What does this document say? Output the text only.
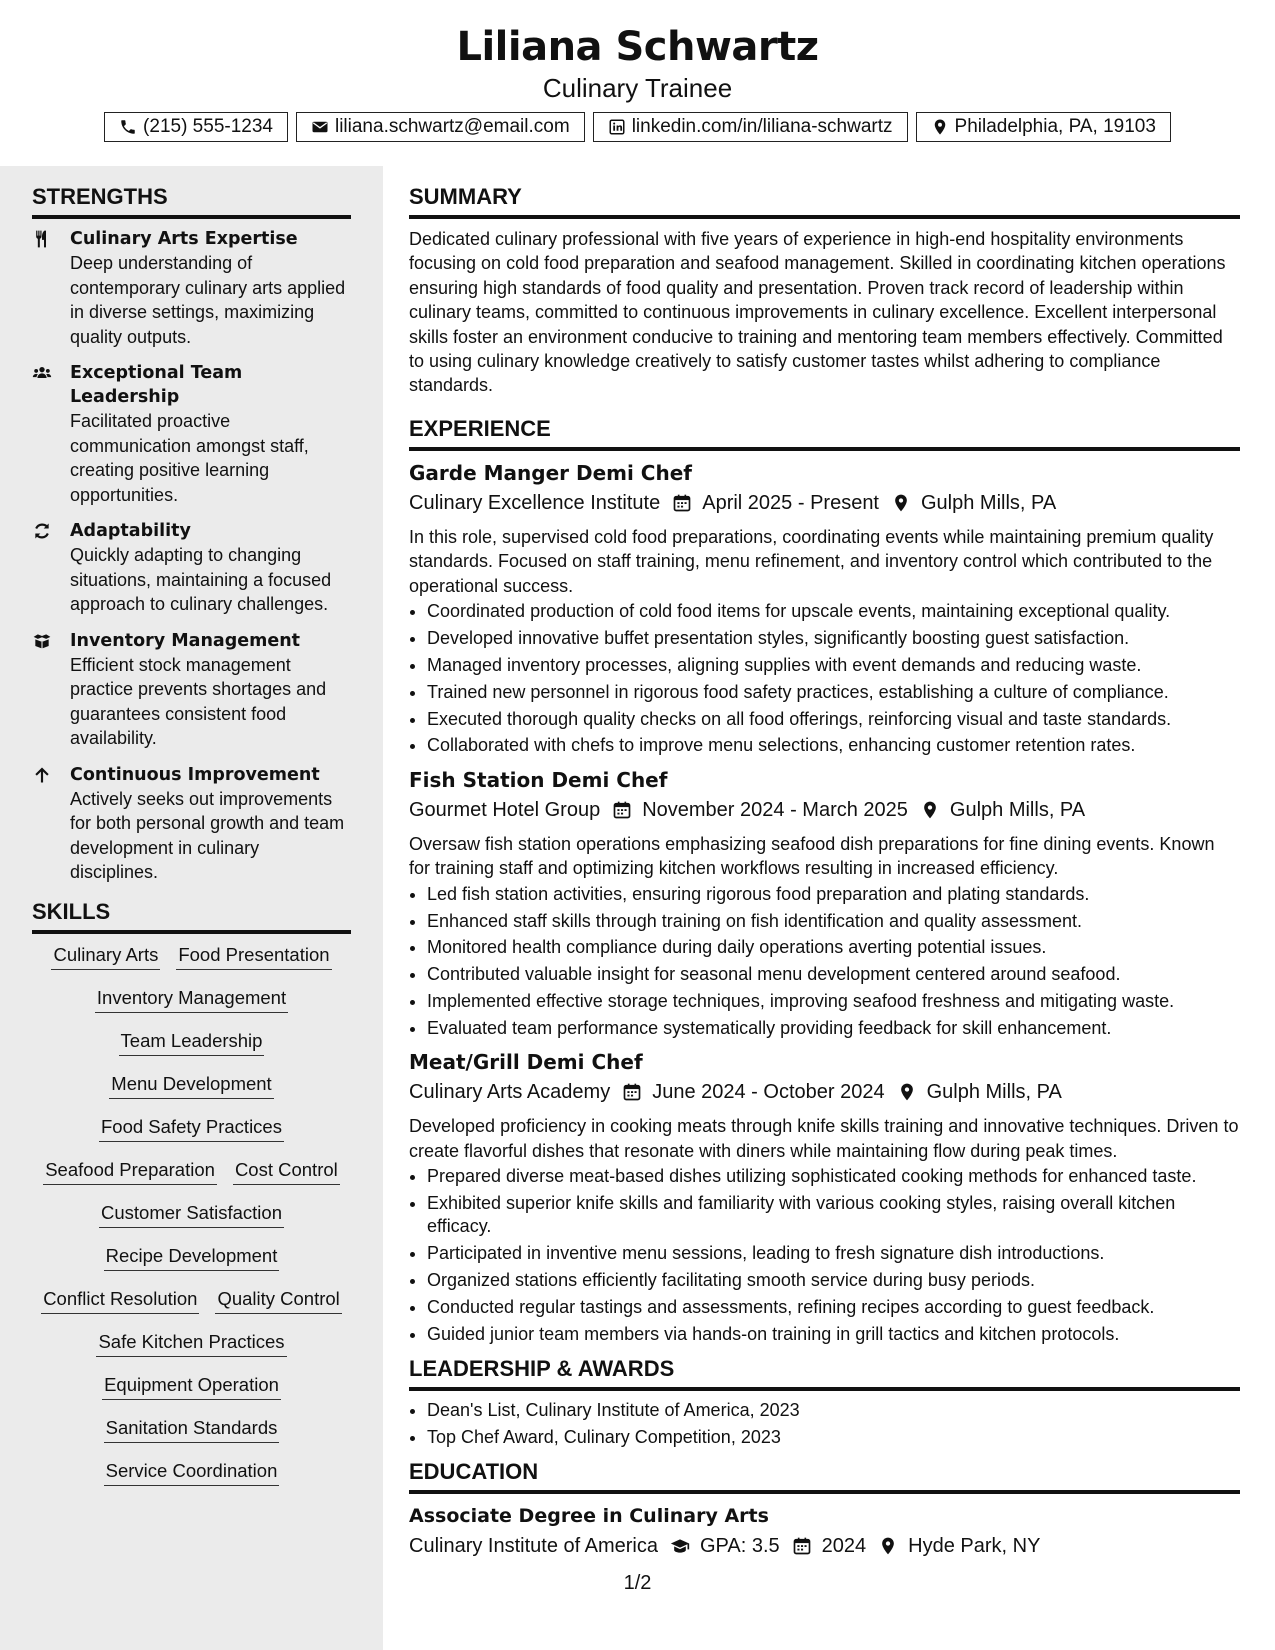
Liliana Schwartz
Culinary Trainee
(215) 555-1234	liliana.schwartz@email.com	linkedin.com/in/liliana-schwartz	Philadelphia, PA, 19103
STRENGTHS
Culinary Arts Expertise
Deep understanding of contemporary culinary arts applied in diverse settings, maximizing quality outputs.
Exceptional Team Leadership
Facilitated proactive communication amongst staff, creating positive learning opportunities.
Adaptability
Quickly adapting to changing situations, maintaining a focused approach to culinary challenges.
Inventory Management
Efficient stock management practice prevents shortages and guarantees consistent food availability.
Continuous Improvement
Actively seeks out improvements for both personal growth and team development in culinary disciplines.
SKILLS
Culinary Arts Food Presentation
Inventory Management
Team Leadership
Menu Development
Food Safety Practices
Seafood Preparation Cost Control
Customer Satisfaction
Recipe Development
Conflict Resolution Quality Control
Safe Kitchen Practices
Equipment Operation
Sanitation Standards
Service Coordination
SUMMARY
Dedicated culinary professional with five years of experience in high-end hospitality environments focusing on cold food preparation and seafood management. Skilled in coordinating kitchen operations ensuring high standards of food quality and presentation. Proven track record of leadership within culinary teams, committed to continuous improvements in culinary excellence. Excellent interpersonal skills foster an environment conducive to training and mentoring team members effectively. Committed to using culinary knowledge creatively to satisfy customer tastes whilst adhering to compliance standards.
EXPERIENCE
Garde Manger Demi Chef
Culinary Excellence Institute April 2025 - Present Gulph Mills, PA
In this role, supervised cold food preparations, coordinating events while maintaining premium quality standards. Focused on staff training, menu refinement, and inventory control which contributed to the operational success.
• Coordinated production of cold food items for upscale events, maintaining exceptional quality.
• Developed innovative buffet presentation styles, significantly boosting guest satisfaction.
• Managed inventory processes, aligning supplies with event demands and reducing waste.
• Trained new personnel in rigorous food safety practices, establishing a culture of compliance.
• Executed thorough quality checks on all food offerings, reinforcing visual and taste standards.
• Collaborated with chefs to improve menu selections, enhancing customer retention rates.
Fish Station Demi Chef
Gourmet Hotel Group November 2024 - March 2025 Gulph Mills, PA
Oversaw fish station operations emphasizing seafood dish preparations for fine dining events. Known for training staff and optimizing kitchen workflows resulting in increased efficiency.
• Led fish station activities, ensuring rigorous food preparation and plating standards.
• Enhanced staff skills through training on fish identification and quality assessment.
• Monitored health compliance during daily operations averting potential issues.
• Contributed valuable insight for seasonal menu development centered around seafood.
• Implemented effective storage techniques, improving seafood freshness and mitigating waste.
• Evaluated team performance systematically providing feedback for skill enhancement.
Meat/Grill Demi Chef
Culinary Arts Academy June 2024 - October 2024 Gulph Mills, PA
Developed proficiency in cooking meats through knife skills training and innovative techniques. Driven to create flavorful dishes that resonate with diners while maintaining flow during peak times.
• Prepared diverse meat-based dishes utilizing sophisticated cooking methods for enhanced taste.
• Exhibited superior knife skills and familiarity with various cooking styles, raising overall kitchen efficacy.
• Participated in inventive menu sessions, leading to fresh signature dish introductions.
• Organized stations efficiently facilitating smooth service during busy periods.
• Conducted regular tastings and assessments, refining recipes according to guest feedback.
• Guided junior team members via hands-on training in grill tactics and kitchen protocols.
LEADERSHIP & AWARDS
• Dean's List, Culinary Institute of America, 2023
• Top Chef Award, Culinary Competition, 2023
EDUCATION
Associate Degree in Culinary Arts
Culinary Institute of America GPA: 3.5 2024 Hyde Park, NY
1/2
